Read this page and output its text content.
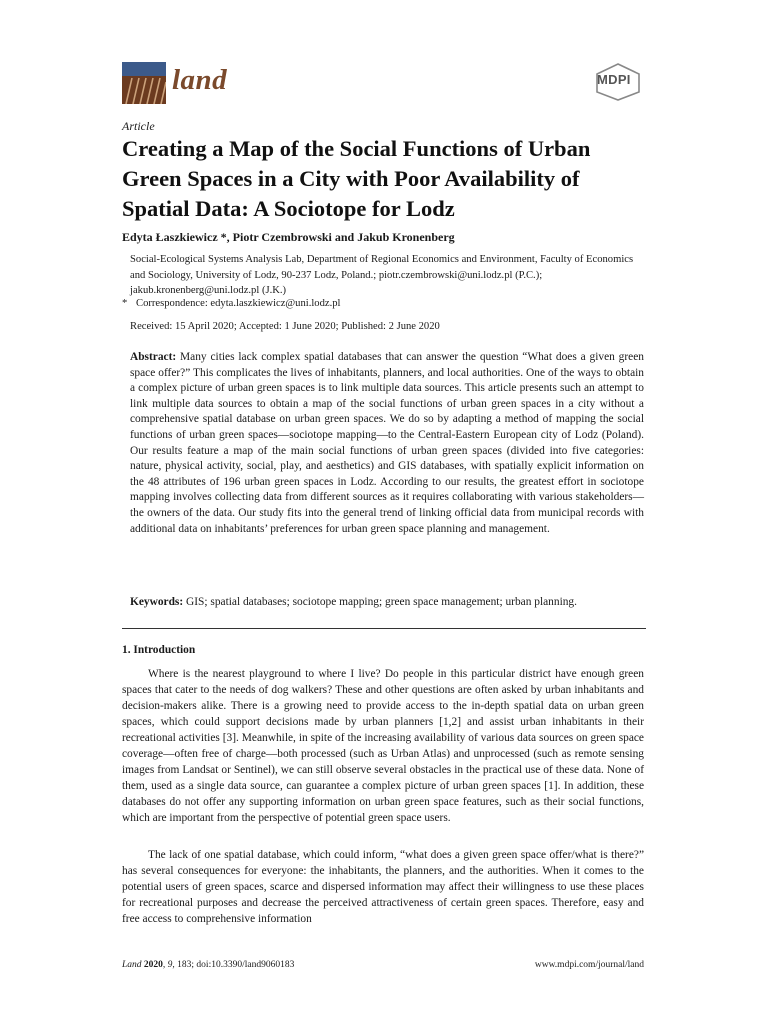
land	MDPI
Article
Creating a Map of the Social Functions of Urban Green Spaces in a City with Poor Availability of Spatial Data: A Sociotope for Lodz
Edyta Łaszkiewicz *, Piotr Czembrowski and Jakub Kronenberg
Social-Ecological Systems Analysis Lab, Department of Regional Economics and Environment, Faculty of Economics and Sociology, University of Lodz, 90-237 Lodz, Poland.; piotr.czembrowski@uni.lodz.pl (P.C.); jakub.kronenberg@uni.lodz.pl (J.K.)
* Correspondence: edyta.laszkiewicz@uni.lodz.pl
Received: 15 April 2020; Accepted: 1 June 2020; Published: 2 June 2020
Abstract: Many cities lack complex spatial databases that can answer the question “What does a given green space offer?” This complicates the lives of inhabitants, planners, and local authorities. One of the ways to obtain a complex picture of urban green spaces is to link multiple data sources. This article presents such an attempt to link multiple data sources to obtain a map of the social functions of urban green spaces in a city without a comprehensive spatial database on urban green spaces. We do so by adapting a method of mapping the social functions of urban green spaces—sociotope mapping—to the Central-Eastern European city of Lodz (Poland). Our results feature a map of the main social functions of urban green spaces (divided into five categories: nature, physical activity, social, play, and aesthetics) and GIS databases, with spatially explicit information on the 48 attributes of 196 urban green spaces in Lodz. According to our results, the greatest effort in sociotope mapping involves collecting data from different sources as it requires collaborating with various stakeholders—the owners of the data. Our study fits into the general trend of linking official data from municipal records with additional data on inhabitants’ preferences for urban green space planning and management.
Keywords: GIS; spatial databases; sociotope mapping; green space management; urban planning.
1. Introduction
Where is the nearest playground to where I live? Do people in this particular district have enough green spaces that cater to the needs of dog walkers? These and other questions are often asked by urban inhabitants and decision-makers alike. There is a growing need to provide access to the in-depth spatial data on urban green spaces, which could support decisions made by urban planners [1,2] and assist urban inhabitants in their recreational activities [3]. Meanwhile, in spite of the increasing availability of various data sources on green space coverage—often free of charge—both processed (such as Urban Atlas) and unprocessed (such as remote sensing images from Landsat or Sentinel), we can still observe several obstacles in the practical use of these data. None of them, used as a single data source, can guarantee a complex picture of urban green spaces [1]. In addition, these databases do not offer any supporting information on urban green space features, such as their social functions, which are important from the perspective of potential green space users.
The lack of one spatial database, which could inform, “what does a given green space offer/what is there?” has several consequences for everyone: the inhabitants, the planners, and the authorities. When it comes to the potential users of green spaces, scarce and dispersed information may affect their willingness to use these places for recreational purposes and decrease the perceived attractiveness of certain green spaces. Therefore, easy and free access to comprehensive information
Land 2020, 9, 183; doi:10.3390/land9060183	www.mdpi.com/journal/land
